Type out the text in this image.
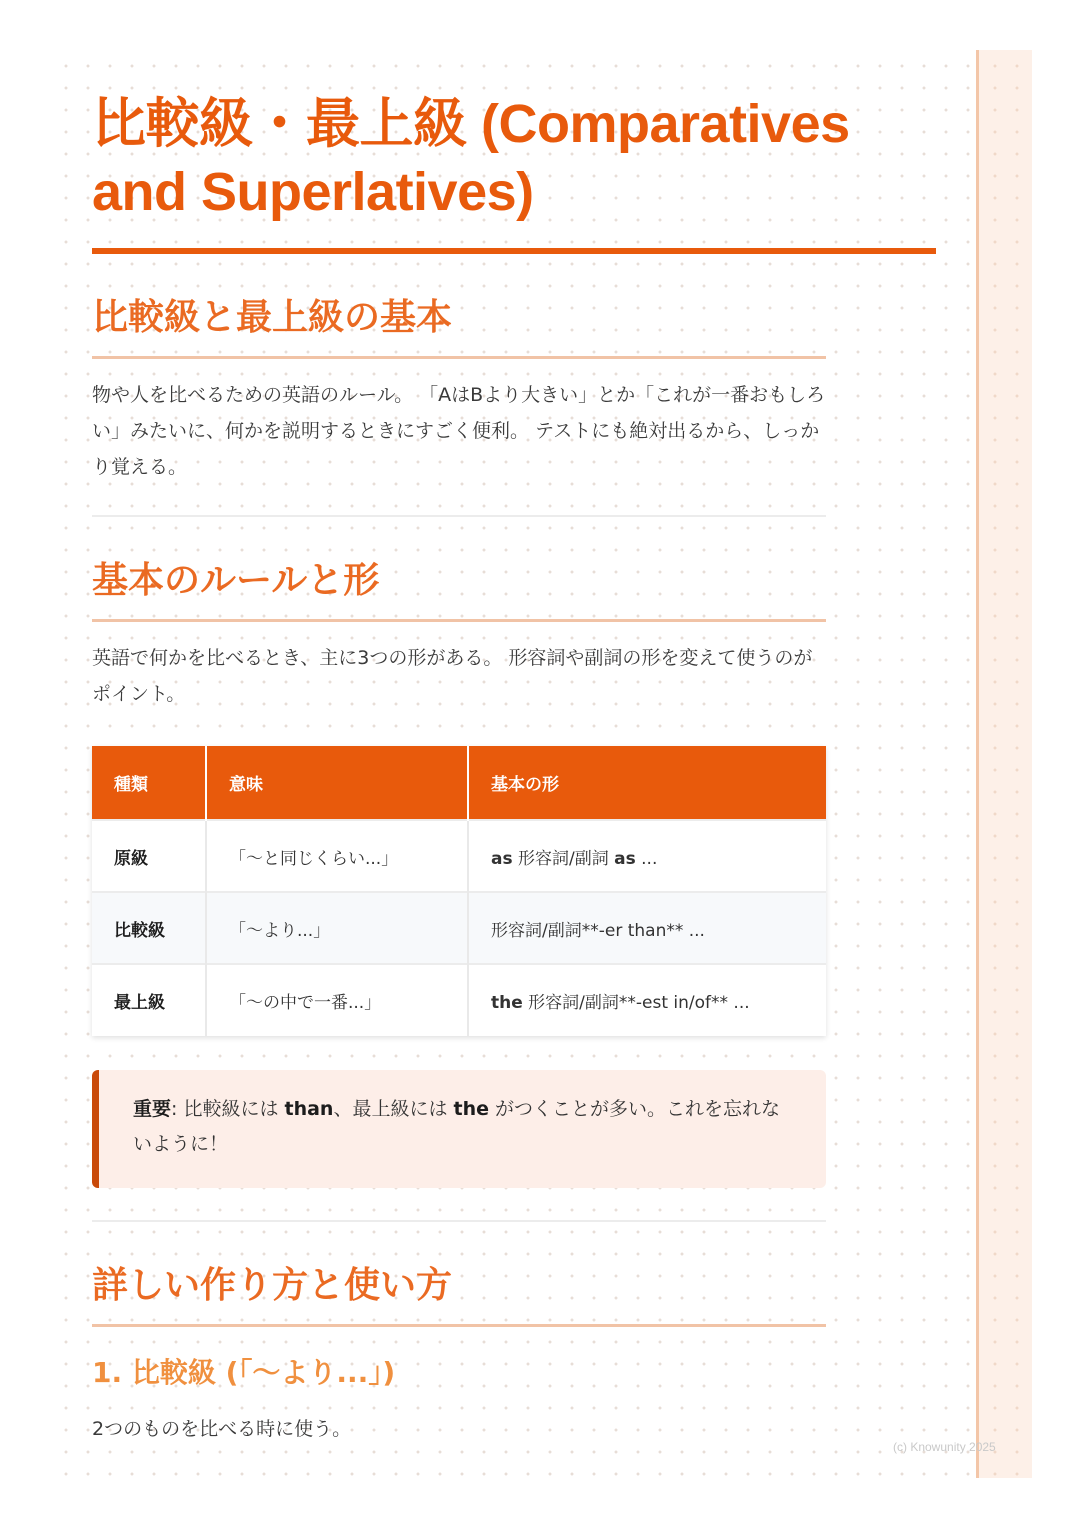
比較級・最上級 (Comparatives and Superlatives)
比較級と最上級の基本

物や人を比べるための英語のルール。 「AはBより大きい」とか「これが一番おもしろい」みたいに、何かを説明するときにすごく便利。 テストにも絶対出るから、しっかり覚える。

基本のルールと形

英語で何かを比べるとき、主に3つの形がある。 形容詞や副詞の形を変えて使うのがポイント。

種類	意味	基本の形
原級	「～と同じくらい...」	as 形容詞/副詞 as ...
比較級	「～より...」	形容詞/副詞**-er than** ...
最上級	「～の中で一番...」	the 形容詞/副詞**-est in/of** ...
重要: 比較級には than、最上級には the がつくことが多い。これを忘れないように！
詳しい作り方と使い方
1. 比較級 (「～より...」)

2つのものを比べる時に使う。

(c) Knowunity 2025
